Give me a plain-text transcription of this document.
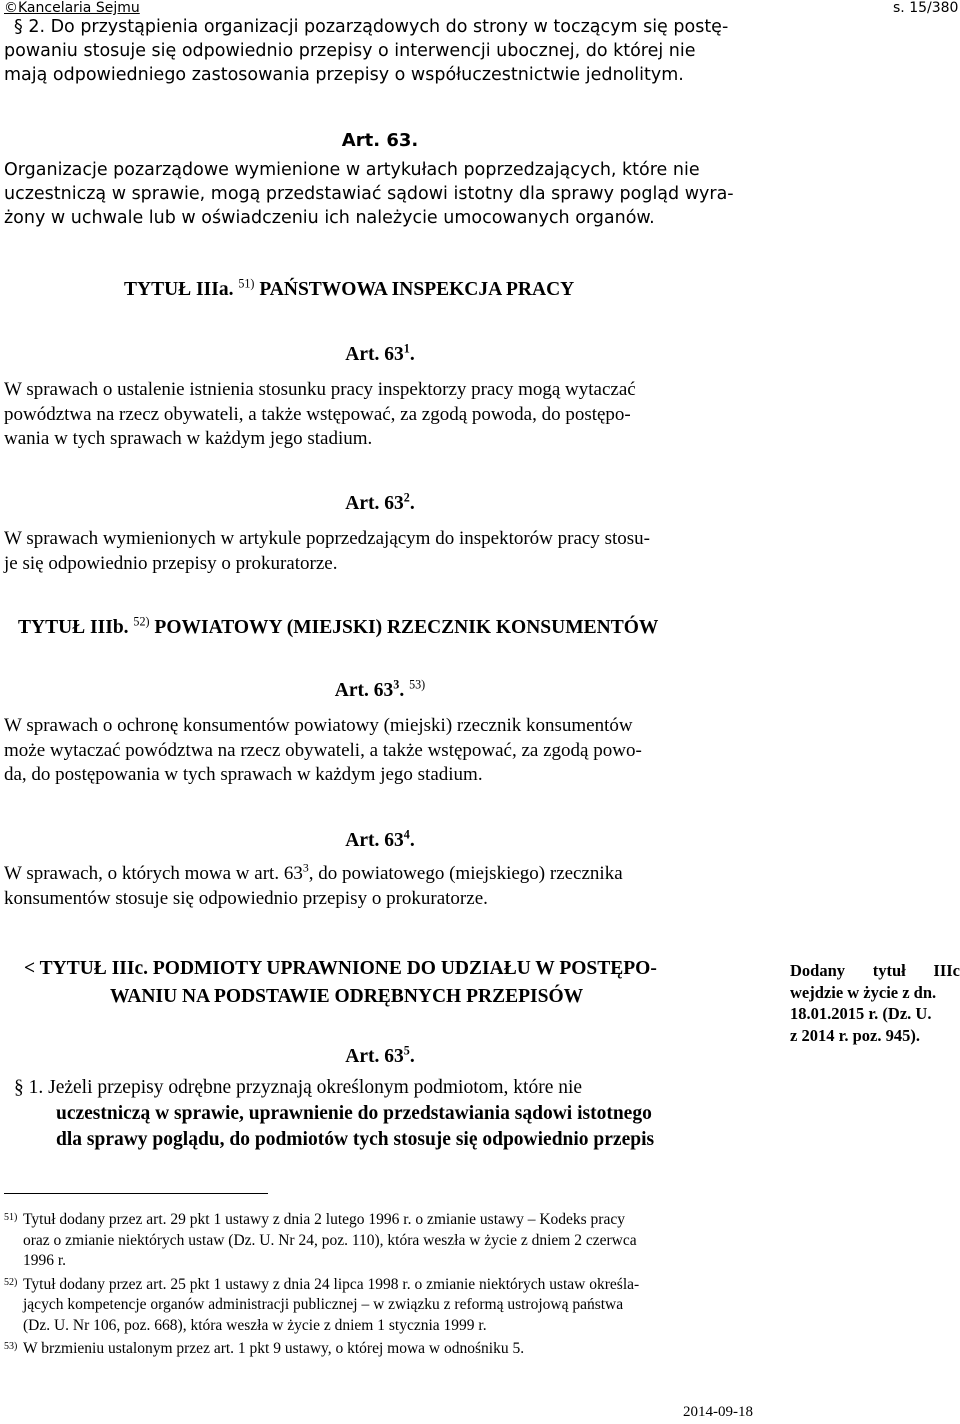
©Kancelaria Sejmu	s. 15/380
§ 2. Do przystąpienia organizacji pozarządowych do strony w toczącym się postę-
powaniu stosuje się odpowiednio przepisy o interwencji ubocznej, do której nie
mają odpowiedniego zastosowania przepisy o współuczestnictwie jednolitym.
Art. 63.
Organizacje pozarządowe wymienione w artykułach poprzedzających, które nie
uczestniczą w sprawie, mogą przedstawiać sądowi istotny dla sprawy pogląd wyra-
żony w uchwale lub w oświadczeniu ich należycie umocowanych organów.
TYTUŁ IIIa. $^{51)}$ PAŃSTWOWA INSPEKCJA PRACY
Art. $63^1$.
W sprawach o ustalenie istnienia stosunku pracy inspektorzy pracy mogą wytaczać
powództwa na rzecz obywateli, a także wstępować, za zgodą powoda, do postępo-
wania w tych sprawach w każdym jego stadium.
Art. $63^2$.
W sprawach wymienionych w artykule poprzedzającym do inspektorów pracy stosu-
je się odpowiednio przepisy o prokuratorze.
TYTUŁ IIIb. $^{52)}$ POWIATOWY (MIEJSKI) RZECZNIK KONSUMENTÓW
Art. $63^3$. $^{53)}$
W sprawach o ochronę konsumentów powiatowy (miejski) rzecznik konsumentów
może wytaczać powództwa na rzecz obywateli, a także wstępować, za zgodą powo-
da, do postępowania w tych sprawach w każdym jego stadium.
Art. $63^4$.
W sprawach, o których mowa w art. $63^3$, do powiatowego (miejskiego) rzecznika
konsumentów stosuje się odpowiednio przepisy o prokuratorze.
< TYTUŁ IIIc. PODMIOTY UPRAWNIONE DO UDZIAŁU W POSTĘPO-
WANIU NA PODSTAWIE ODRĘBNYCH PRZEPISÓW
Dodany tytuł IIIc
wejdzie w życie z dn.
18.01.2015 r. (Dz. U.
z 2014 r. poz. 945).
Art. $63^5$.
§ 1. Jeżeli przepisy odrębne przyznają określonym podmiotom, które nie
uczestniczą w sprawie, uprawnienie do przedstawiania sądowi istotnego
dla sprawy poglądu, do podmiotów tych stosuje się odpowiednio przepis
51) Tytuł dodany przez art. 29 pkt 1 ustawy z dnia 2 lutego 1996 r. o zmianie ustawy – Kodeks pracy
oraz o zmianie niektórych ustaw (Dz. U. Nr 24, poz. 110), która weszła w życie z dniem 2 czerwca
1996 r.
52) Tytuł dodany przez art. 25 pkt 1 ustawy z dnia 24 lipca 1998 r. o zmianie niektórych ustaw określa-
jących kompetencje organów administracji publicznej – w związku z reformą ustrojową państwa
(Dz. U. Nr 106, poz. 668), która weszła w życie z dniem 1 stycznia 1999 r.
53) W brzmieniu ustalonym przez art. 1 pkt 9 ustawy, o której mowa w odnośniku 5.
2014-09-18
